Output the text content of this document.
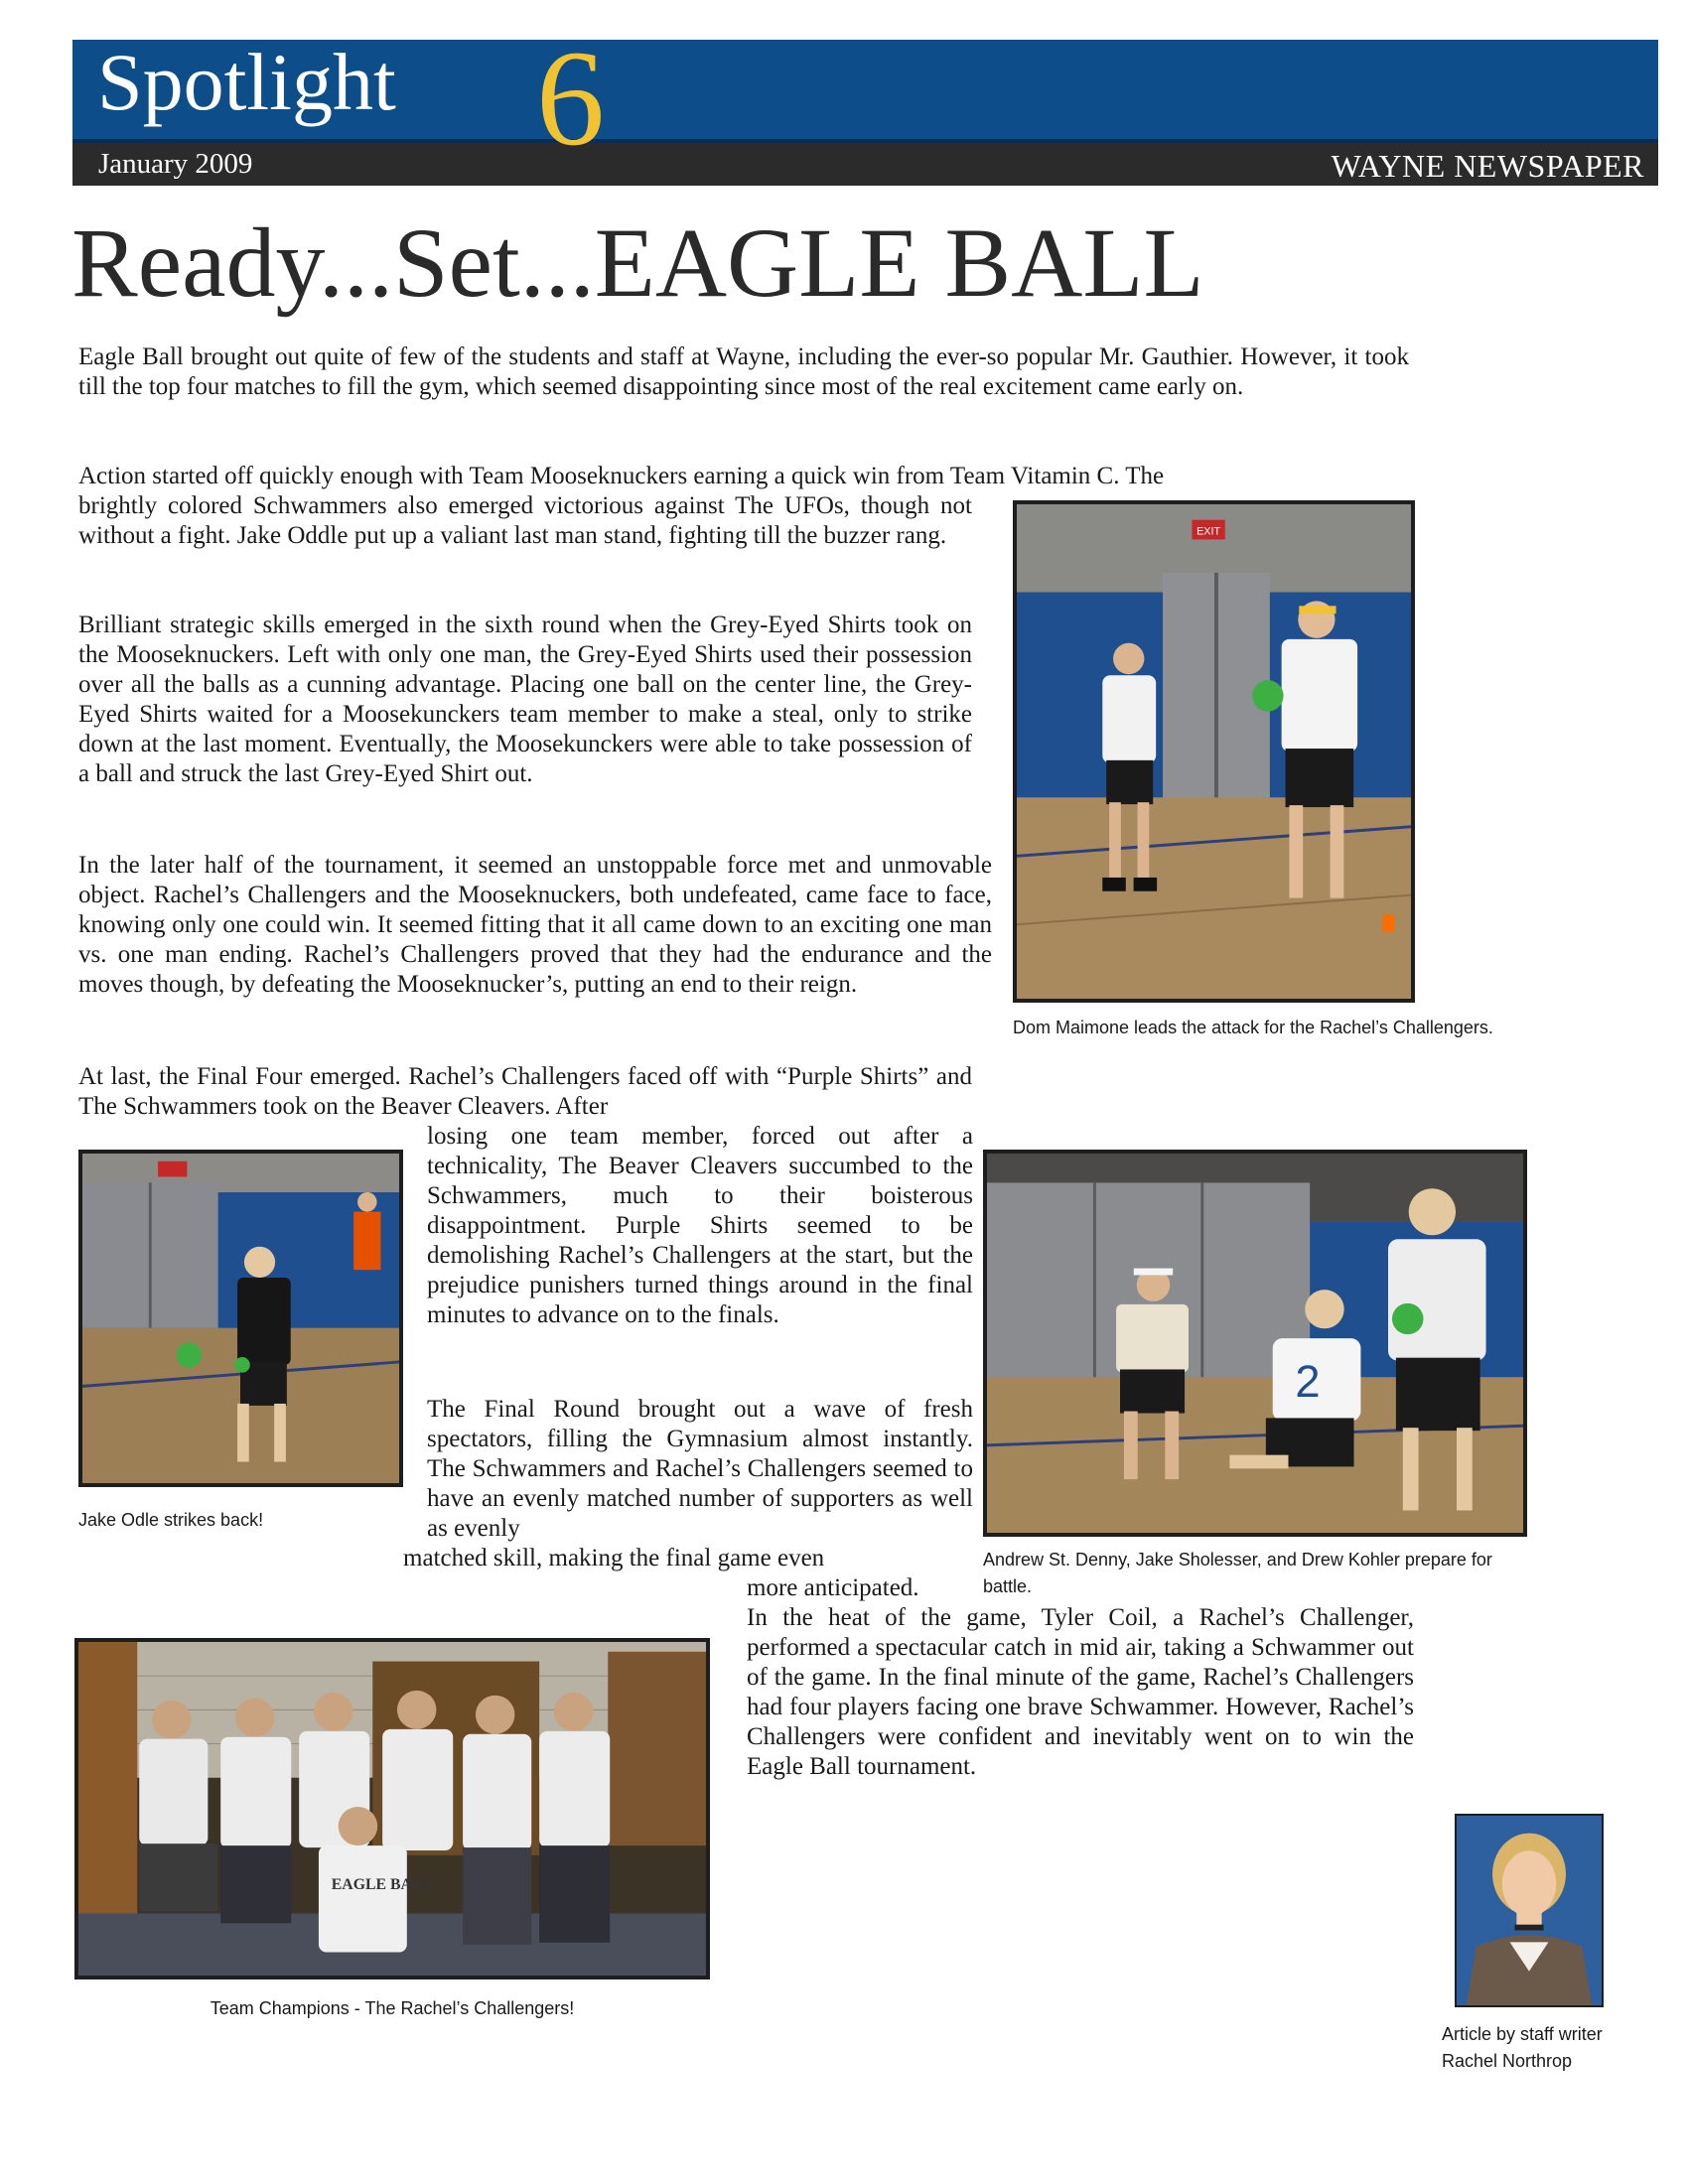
Spotlight 6
January 2009	WAYNE NEWSPAPER
Ready...Set...EAGLE BALL

Eagle Ball brought out quite of few of the students and staff at Wayne, including the ever-so popular Mr. Gauthier. However, it took till the top four matches to fill the gym, which seemed disappointing since most of the real excitement came early on.

Action started off quickly enough with Team Mooseknuckers earning a quick win from Team Vitamin C. The

brightly colored Schwammers also emerged victorious against The UFOs, though not without a fight. Jake Oddle put up a valiant last man stand, fighting till the buzzer rang.

Brilliant strategic skills emerged in the sixth round when the Grey-Eyed Shirts took on the Mooseknuckers. Left with only one man, the Grey-Eyed Shirts used their possession over all the balls as a cunning advantage. Placing one ball on the center line, the Grey-Eyed Shirts waited for a Moosekunckers team member to make a steal, only to strike down at the last moment. Eventually, the Moosekunckers were able to take possession of a ball and struck the last Grey-Eyed Shirt out.

In the later half of the tournament, it seemed an unstoppable force met and unmovable object. Rachel’s Challengers and the Mooseknuckers, both undefeated, came face to face, knowing only one could win. It seemed fitting that it all came down to an exciting one man vs. one man ending. Rachel’s Challengers proved that they had the endurance and the moves though, by defeating the Mooseknucker’s, putting an end to their reign.

At last, the Final Four emerged. Rachel’s Challengers faced off with “Purple Shirts” and The Schwammers took on the Beaver Cleavers. After

losing one team member, forced out after a technicality, The Beaver Cleavers succumbed to the Schwammers, much to their boisterous disappointment. Purple Shirts seemed to be demolishing Rachel’s Challengers at the start, but the prejudice punishers turned things around in the final minutes to advance on to the finals.

The Final Round brought out a wave of fresh spectators, filling the Gymnasium almost instantly. The Schwammers and Rachel’s Challengers seemed to have an evenly matched number of supporters as well as evenly

matched skill, making the final game even

more anticipated.

In the heat of the game, Tyler Coil, a Rachel’s Challenger, performed a spectacular catch in mid air, taking a Schwammer out of the game. In the final minute of the game, Rachel’s Challengers had four players facing one brave Schwammer. However, Rachel’s Challengers were confident and inevitably went on to win the Eagle Ball tournament.

EXIT

Dom Maimone leads the attack for the Rachel’s Challengers.

Jake Odle strikes back!

2

Andrew St. Denny, Jake Sholesser, and Drew Kohler prepare for battle.

EAGLE BALL

Team Champions - The Rachel’s Challengers!

Article by staff writer

Rachel Northrop
